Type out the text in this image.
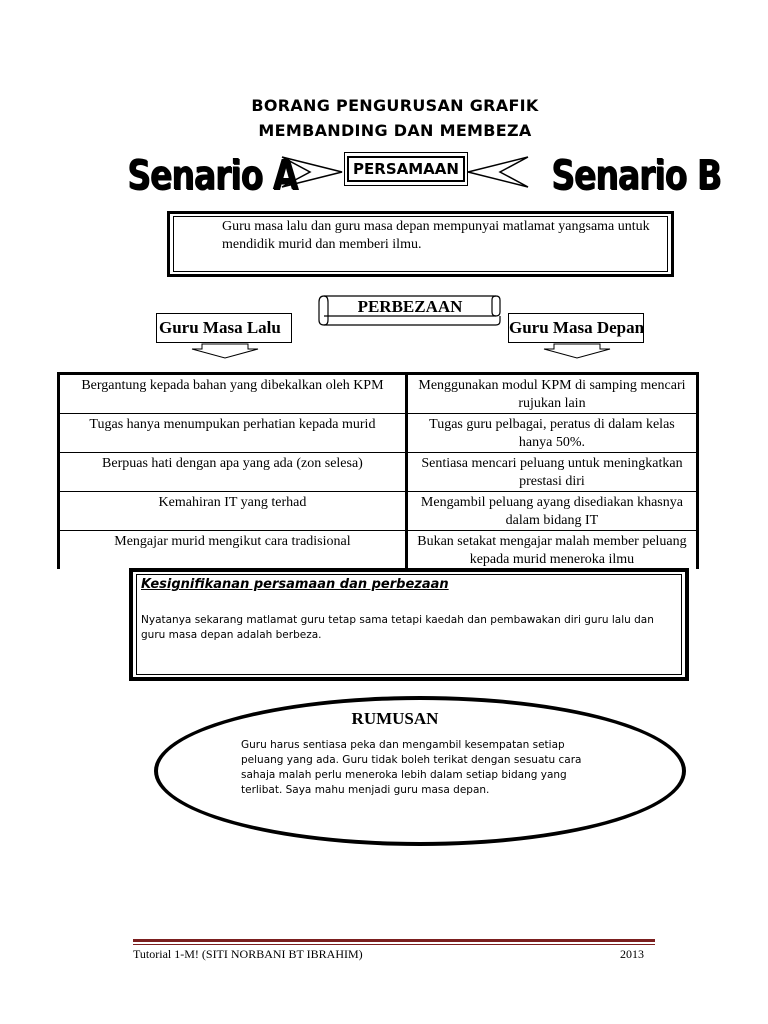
BORANG PENGURUSAN GRAFIK
MEMBANDING DAN MEMBEZA
Senario A	Senario B
PERSAMAAN
Guru masa lalu dan guru masa depan mempunyai matlamat yangsama untuk mendidik murid dan memberi ilmu.
PERBEZAAN
Guru Masa Lalu	Guru Masa Depan
Bergantung kepada bahan yang dibekalkan oleh KPM	Menggunakan modul KPM di samping mencari rujukan lain
Tugas hanya menumpukan perhatian kepada murid	Tugas guru pelbagai, peratus di dalam kelas hanya 50%.
Berpuas hati dengan apa yang ada (zon selesa)	Sentiasa mencari peluang untuk meningkatkan prestasi diri
Kemahiran IT yang terhad	Mengambil peluang ayang disediakan khasnya dalam bidang IT
Mengajar murid mengikut cara tradisional	Bukan setakat mengajar malah member peluang kepada murid meneroka ilmu
Kesignifikanan persamaan dan perbezaan
Nyatanya sekarang matlamat guru tetap sama tetapi kaedah dan pembawakan diri guru lalu dan guru masa depan adalah berbeza.
RUMUSAN
Guru harus sentiasa peka dan mengambil kesempatan setiap peluang yang ada. Guru tidak boleh terikat dengan sesuatu cara sahaja malah perlu meneroka lebih dalam setiap bidang yang terlibat. Saya mahu menjadi guru masa depan.
Tutorial 1-M! (SITI NORBANI BT IBRAHIM)	2013
